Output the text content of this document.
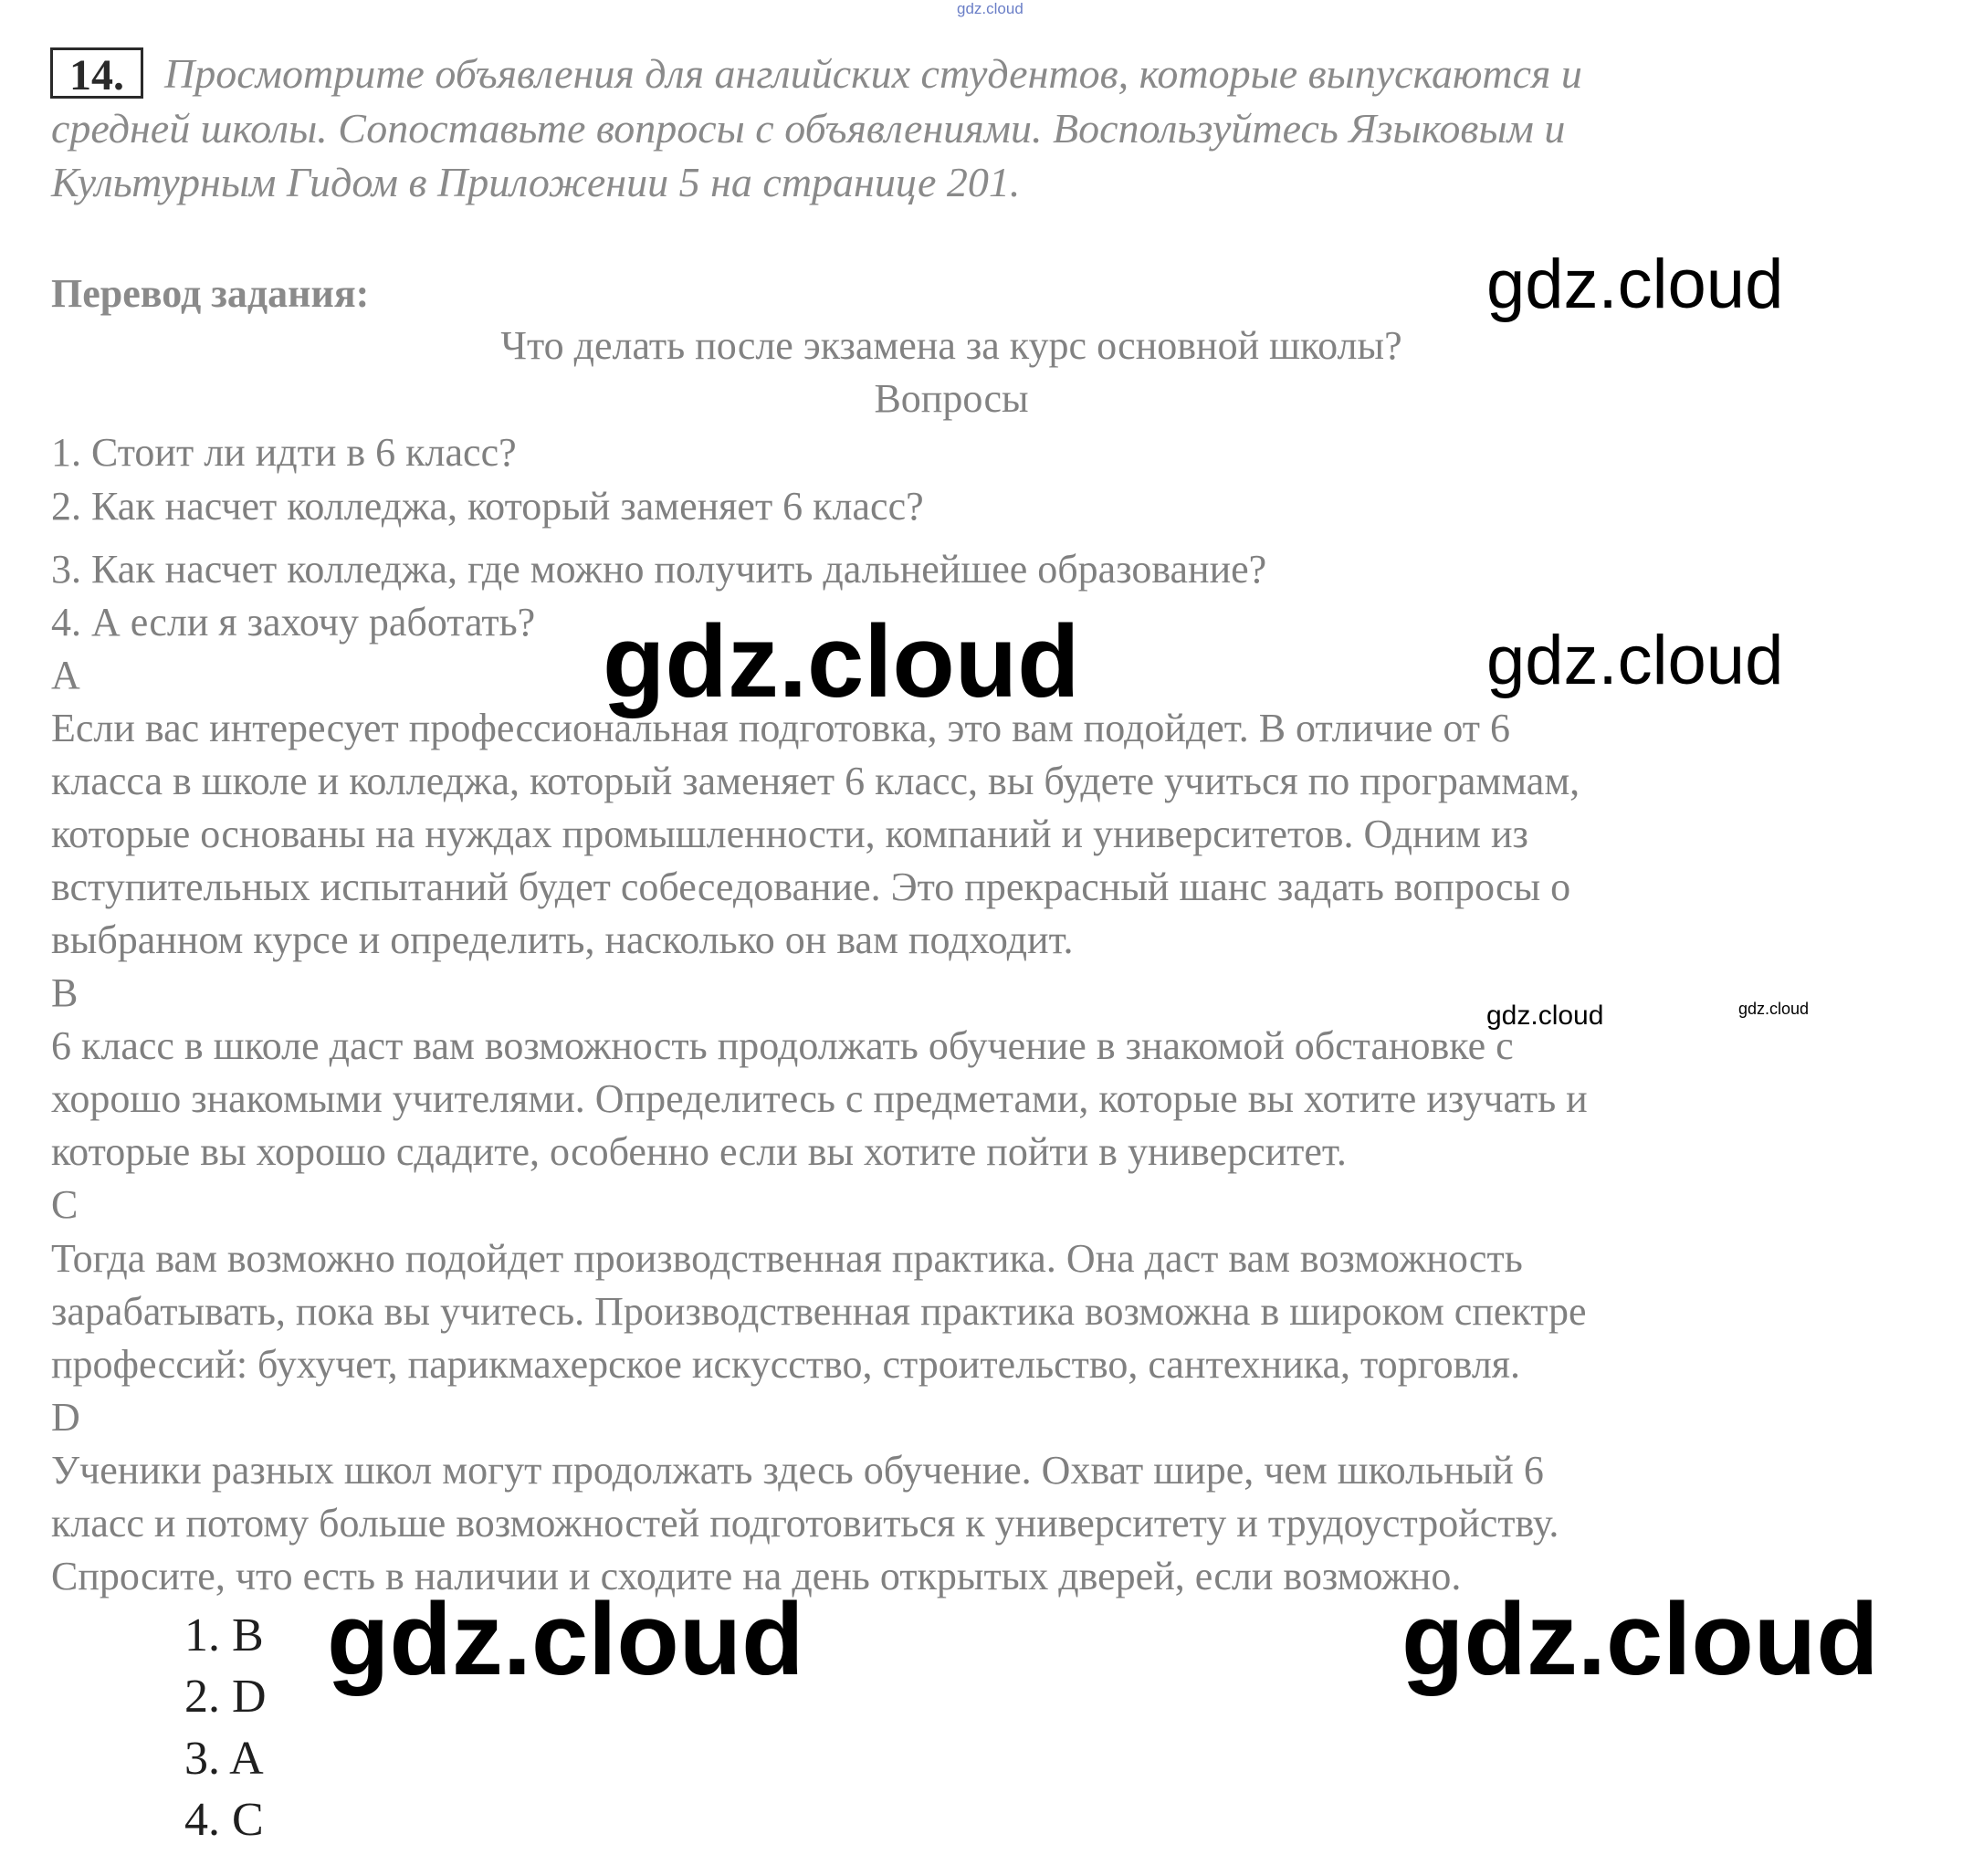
gdz.cloud
14. Просмотрите объявления для английских студентов, которые выпускаются и
средней школы. Сопоставьте вопросы с объявлениями. Воспользуйтесь Языковым и
Культурным Гидом в Приложении 5 на странице 201.
Перевод задания:
Что делать после экзамена за курс основной школы?
Вопросы
1. Стоит ли идти в 6 класс?
2. Как насчет колледжа, который заменяет 6 класс?
3. Как насчет колледжа, где можно получить дальнейшее образование?
4. А если я захочу работать?
A
Если вас интересует профессиональная подготовка, это вам подойдет. В отличие от 6
класса в школе и колледжа, который заменяет 6 класс, вы будете учиться по программам,
которые основаны на нуждах промышленности, компаний и университетов. Одним из
вступительных испытаний будет собеседование. Это прекрасный шанс задать вопросы о
выбранном курсе и определить, насколько он вам подходит.
B
6 класс в школе даст вам возможность продолжать обучение в знакомой обстановке с
хорошо знакомыми учителями. Определитесь с предметами, которые вы хотите изучать и
которые вы хорошо сдадите, особенно если вы хотите пойти в университет.
C
Тогда вам возможно подойдет производственная практика. Она даст вам возможность
зарабатывать, пока вы учитесь. Производственная практика возможна в широком спектре
профессий: бухучет, парикмахерское искусство, строительство, сантехника, торговля.
D
Ученики разных школ могут продолжать здесь обучение. Охват шире, чем школьный 6
класс и потому больше возможностей подготовиться к университету и трудоустройству.
Спросите, что есть в наличии и сходите на день открытых дверей, если возможно.
1. B
2. D
3. A
4. C
gdz.cloud
gdz.cloud	gdz.cloud
gdz.cloud	gdz.cloud
gdz.cloud	gdz.cloud
